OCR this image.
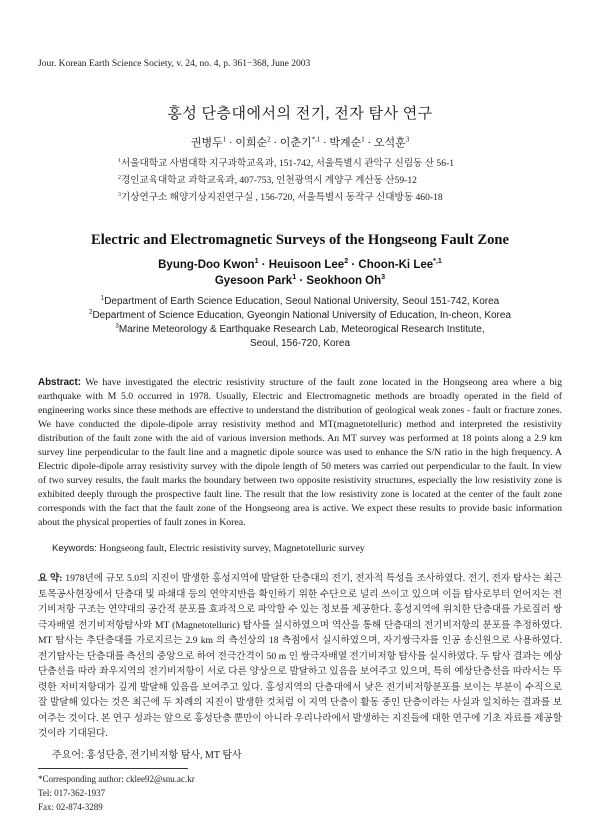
Jour. Korean Earth Science Society, v. 24, no. 4, p. 361−368, June 2003
홍성 단층대에서의 전기, 전자 탐사 연구
권병두$^1$ · 이희순$^2$ · 이춘기$^{*,1}$ · 박계순$^1$ · 오석훈$^3$
$^1$서울대학교 사범대학 지구과학교육과, 151-742, 서울특별시 관악구 신림동 산 56-1
$^2$경인교육대학교 과학교육과, 407-753, 인천광역시 계양구 계산동 산59-12
$^3$기상연구소 해양기상지진연구실 , 156-720, 서울특별시 동작구 신대방동 460-18
Electric and Electromagnetic Surveys of the Hongseong Fault Zone
Byung-Doo Kwon$^1$ · Heuisoon Lee$^2$ · Choon-Ki Lee$^{*,1}$
Gyesoon Park$^1$ · Seokhoon Oh$^3$
$^1$Department of Earth Science Education, Seoul National University, Seoul 151-742, Korea
$^2$Department of Science Education, Gyeongin National University of Education, In-cheon, Korea
$^3$Marine Meteorology & Earthquake Research Lab, Meteorogical Research Institute,
Seoul, 156-720, Korea
Abstract: We have investigated the electric resistivity structure of the fault zone located in the Hongseong area where a big earthquake with M 5.0 occurred in 1978. Usually, Electric and Electromagnetic methods are broadly operated in the field of engineering works since these methods are effective to understand the distribution of geological weak zones - fault or fracture zones. We have conducted the dipole-dipole array resistivity method and MT(magnetotelluric) method and interpreted the resistivity distribution of the fault zone with the aid of various inversion methods. An MT survey was performed at 18 points along a 2.9 km survey line perpendicular to the fault line and a magnetic dipole source was used to enhance the S/N ratio in the high frequency. A Electric dipole-dipole array resistivity survey with the dipole length of 50 meters was carried out perpendicular to the fault. In view of two survey results, the fault marks the boundary between two opposite resistivity structures, especially the low resistivity zone is exhibited deeply through the prospective fault line. The result that the low resistivity zone is located at the center of the fault zone corresponds with the fact that the fault zone of the Hongseong area is active. We expect these results to provide basic information about the physical properties of fault zones in Korea.
Keywords: Hongseong fault, Electric resistivity survey, Magnetotelluric survey
요 약: 1978년에 규모 5.0의 지진이 발생한 홍성지역에 발달한 단층대의 전기, 전자적 특성을 조사하였다. 전기, 전자 탐사는 최근 토목공사현장에서 단층대 및 파쇄대 등의 연약지반을 확인하기 위한 수단으로 널리 쓰이고 있으며 이들 탐사로부터 얻어지는 전기비저항 구조는 연약대의 공간적 분포를 효과적으로 파악할 수 있는 정보를 제공한다. 홍성지역에 위치한 단층대를 가로질러 쌍극자배열 전기비저항탐사와 MT (Magnetotelluric) 탐사를 실시하였으며 역산을 통해 단층대의 전기비저항의 분포를 추정하였다. MT 탐사는 추단층대를 가로지르는 2.9 km 의 측선상의 18 측점에서 실시하였으며, 자기쌍극자를 인공 송신원으로 사용하였다. 전기탐사는 단층대를 측선의 중앙으로 하여 전극간격이 50 m 인 쌍극자배열 전기비저항 탐사를 실시하였다. 두 탐사 결과는 예상단층선을 따라 좌우지역의 전기비저항이 서로 다른 양상으로 발달하고 있음을 보여주고 있으며, 특히 예상단층선을 따라서는 뚜렷한 저비저항대가 깊게 발달해 있음을 보여주고 있다. 홍성지역의 단층대에서 낮은 전기비저항분포를 보이는 부분이 수직으로 잘 발달해 있다는 것은 최근에 두 차례의 지진이 발생한 것처럼 이 지역 단층이 활동 중인 단층이라는 사실과 일치하는 결과를 보여주는 것이다. 본 연구 성과는 앞으로 홍성단층 뿐만이 아니라 우리나라에서 발생하는 지진들에 대한 연구에 기초 자료를 제공할 것이라 기대된다.
주요어: 홍성단층, 전기비저항 탐사, MT 탐사
*Corresponding author: cklee92@snu.ac.kr
Tel: 017-362-1937
Fax: 02-874-3289
